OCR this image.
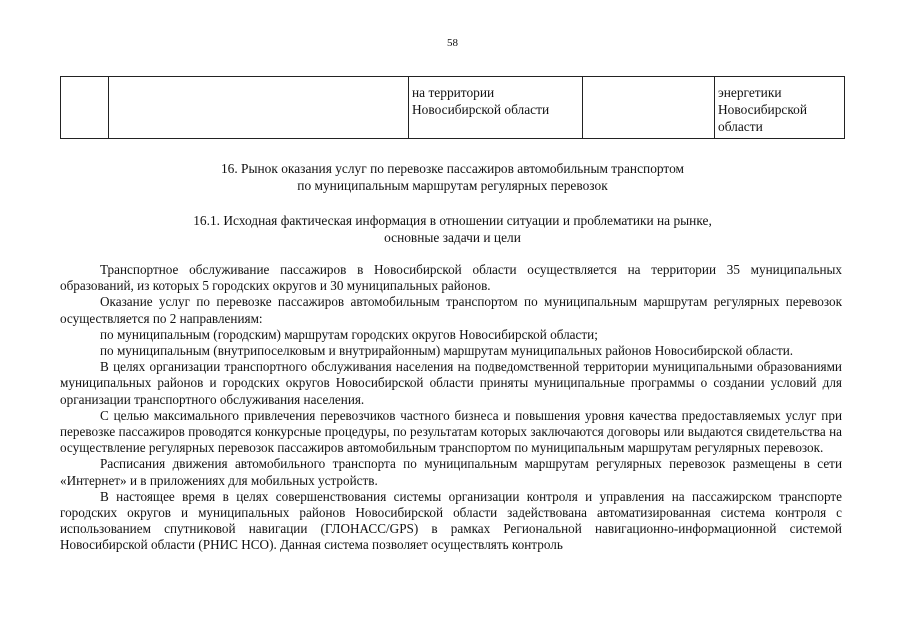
58
		на территории Новосибирской области		энергетики Новосибирской области
16. Рынок оказания услуг по перевозке пассажиров автомобильным транспортом
по муниципальным маршрутам регулярных перевозок
16.1. Исходная фактическая информация в отношении ситуации и проблематики на рынке,
основные задачи и цели

Транспортное обслуживание пассажиров в Новосибирской области осуществляется на территории 35 муниципальных образований, из которых 5 городских округов и 30 муниципальных районов.

Оказание услуг по перевозке пассажиров автомобильным транспортом по муниципальным маршрутам регулярных перевозок осуществляется по 2 направлениям:

по муниципальным (городским) маршрутам городских округов Новосибирской области;

по муниципальным (внутрипоселковым и внутрирайонным) маршрутам муниципальных районов Новосибирской области.

В целях организации транспортного обслуживания населения на подведомственной территории муниципальными образованиями муниципальных районов и городских округов Новосибирской области приняты муниципальные программы о создании условий для организации транспортного обслуживания населения.

С целью максимального привлечения перевозчиков частного бизнеса и повышения уровня качества предоставляемых услуг при перевозке пассажиров проводятся конкурсные процедуры, по результатам которых заключаются договоры или выдаются свидетельства на осуществление регулярных перевозок пассажиров автомобильным транспортом по муниципальным маршрутам регулярных перевозок.

Расписания движения автомобильного транспорта по муниципальным маршрутам регулярных перевозок размещены в сети «Интернет» и в приложениях для мобильных устройств.

В настоящее время в целях совершенствования системы организации контроля и управления на пассажирском транспорте городских округов и муниципальных районов Новосибирской области задействована автоматизированная система контроля с использованием спутниковой навигации (ГЛОНАСС/GPS) в рамках Региональной навигационно-информационной системой Новосибирской области (РНИС НСО). Данная система позволяет осуществлять контроль
